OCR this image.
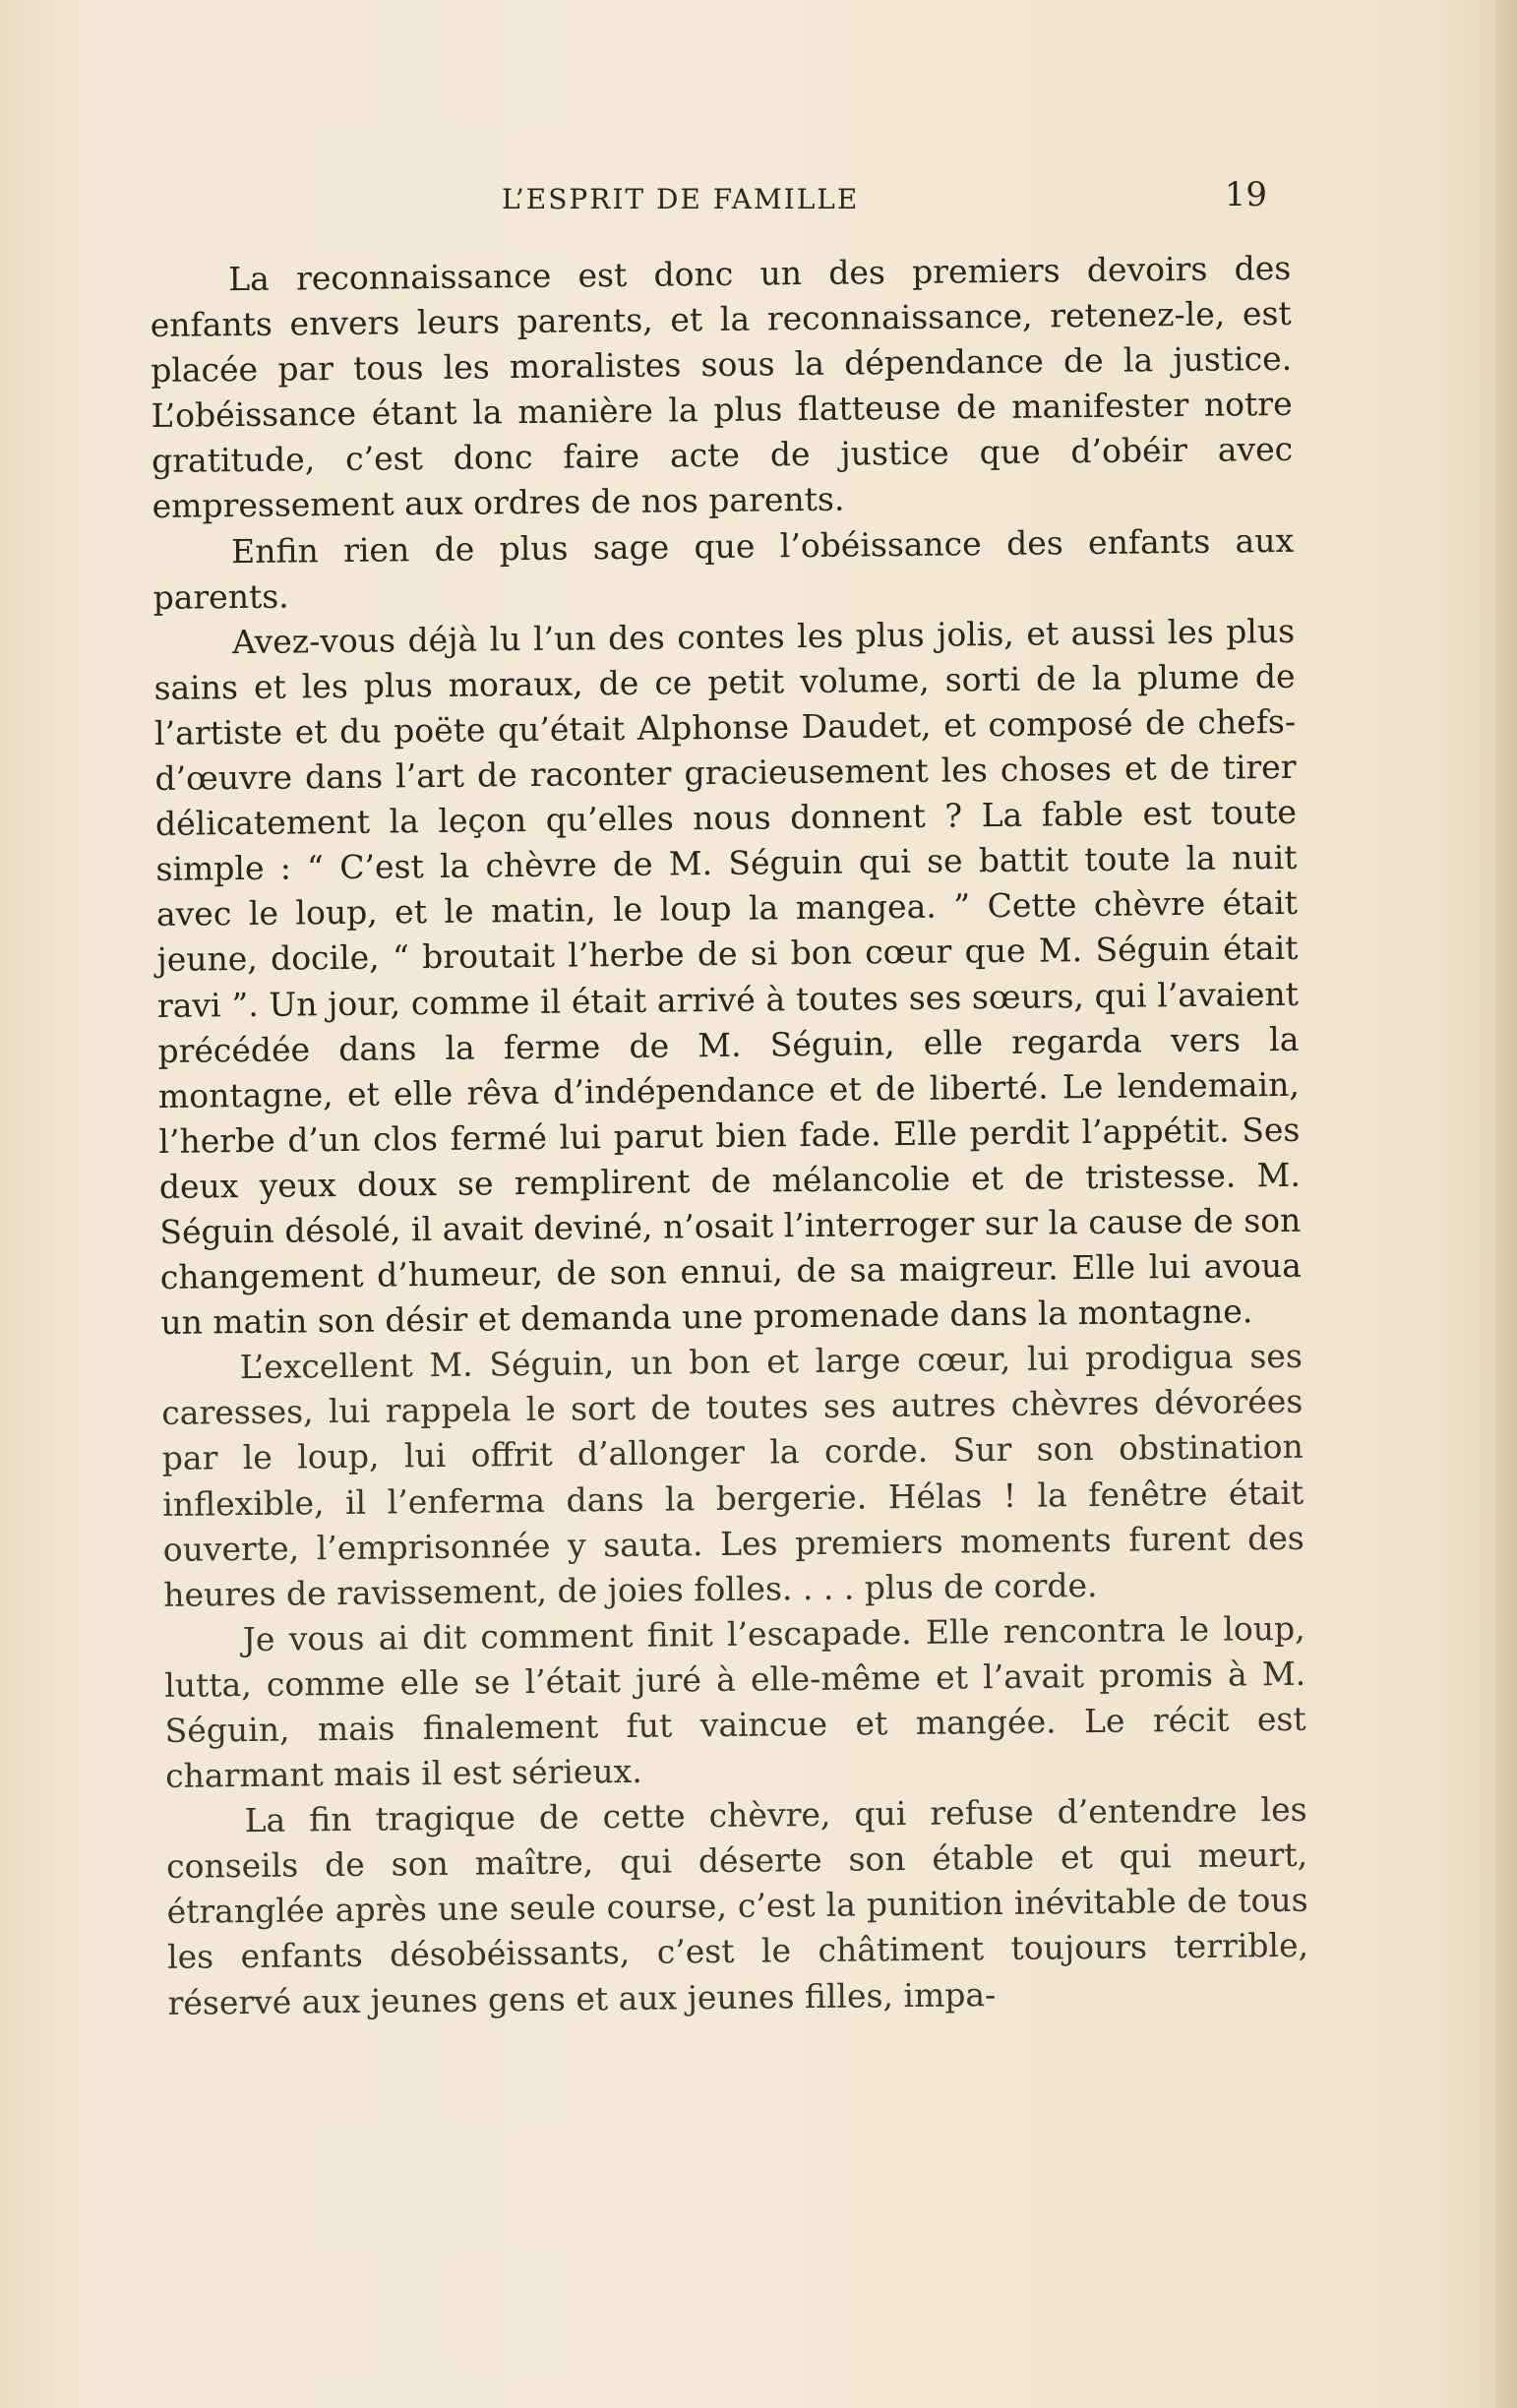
L’ESPRIT DE FAMILLE	19

La reconnaissance est donc un des premiers devoirs des enfants envers leurs parents, et la reconnaissance, retenez-le, est placée par tous les moralistes sous la dépendance de la justice. L’obéissance étant la manière la plus flatteuse de manifester notre gratitude, c’est donc faire acte de justice que d’obéir avec empressement aux ordres de nos parents.

Enfin rien de plus sage que l’obéissance des enfants aux parents.

Avez-vous déjà lu l’un des contes les plus jolis, et aussi les plus sains et les plus moraux, de ce petit volume, sorti de la plume de l’artiste et du poëte qu’était Alphonse Daudet, et composé de chefs-d’œuvre dans l’art de raconter gracieusement les choses et de tirer délicatement la leçon qu’elles nous donnent ? La fable est toute simple : “ C’est la chèvre de M. Séguin qui se battit toute la nuit avec le loup, et le matin, le loup la mangea. ” Cette chèvre était jeune, docile, “ broutait l’herbe de si bon cœur que M. Séguin était ravi ”. Un jour, comme il était arrivé à toutes ses sœurs, qui l’avaient précédée dans la ferme de M. Séguin, elle regarda vers la montagne, et elle rêva d’indépendance et de liberté. Le lendemain, l’herbe d’un clos fermé lui parut bien fade. Elle perdit l’appétit. Ses deux yeux doux se remplirent de mélancolie et de tristesse. M. Séguin désolé, il avait deviné, n’osait l’interroger sur la cause de son changement d’humeur, de son ennui, de sa maigreur. Elle lui avoua un matin son désir et demanda une promenade dans la montagne.

L’excellent M. Séguin, un bon et large cœur, lui prodigua ses caresses, lui rappela le sort de toutes ses autres chèvres dévorées par le loup, lui offrit d’allonger la corde. Sur son obstination inflexible, il l’enferma dans la bergerie. Hélas ! la fenêtre était ouverte, l’emprisonnée y sauta. Les premiers moments furent des heures de ravissement, de joies folles. . . . plus de corde.

Je vous ai dit comment finit l’escapade. Elle rencontra le loup, lutta, comme elle se l’était juré à elle-même et l’avait promis à M. Séguin, mais finalement fut vaincue et mangée. Le récit est charmant mais il est sérieux.

La fin tragique de cette chèvre, qui refuse d’entendre les conseils de son maître, qui déserte son étable et qui meurt, étranglée après une seule course, c’est la punition inévitable de tous les enfants désobéissants, c’est le châtiment toujours terrible, réservé aux jeunes gens et aux jeunes filles, impa-
